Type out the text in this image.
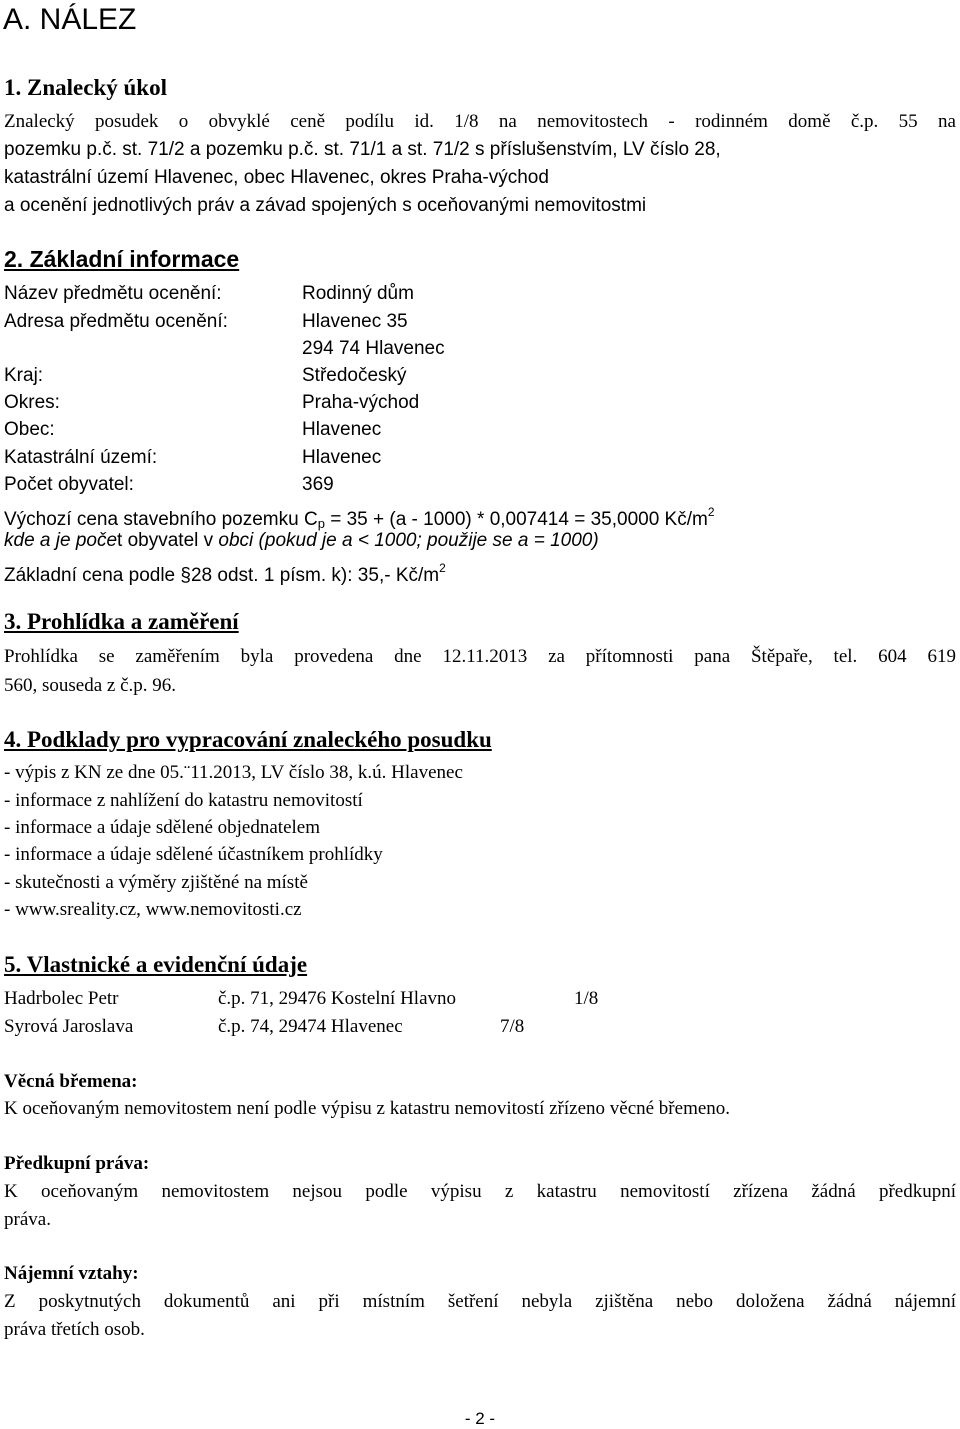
A. NÁLEZ
1. Znalecký úkol
Znalecký posudek o obvyklé ceně podílu id. 1/8 na nemovitostech - rodinném domě č.p. 55 na
pozemku p.č. st. 71/2 a pozemku p.č. st. 71/1 a st. 71/2 s příslušenstvím, LV číslo 28,
katastrální území Hlavenec, obec Hlavenec, okres Praha-východ
a ocenění jednotlivých práv a závad spojených s oceňovanými nemovitostmi
2. Základní informace
Název předmětu ocenění:	Rodinný dům
Adresa předmětu ocenění:	Hlavenec 35
294 74 Hlavenec
Kraj:	Středočeský
Okres:	Praha-východ
Obec:	Hlavenec
Katastrální území:	Hlavenec
Počet obyvatel:	369
Výchozí cena stavebního pozemku $C_p = 35 + (a - 1000) * 0,007414 = 35,0000$ $Kč/m^2$
kde a je počet obyvatel v obci (pokud je a < 1000; použije se a = 1000)
Základní cena podle §28 odst. 1 písm. k): 35,- $Kč/m^2$
3. Prohlídka a zaměření
Prohlídka se zaměřením byla provedena dne 12.11.2013 za přítomnosti pana Štěpaře, tel. 604 619
560, souseda z č.p. 96.
4. Podklady pro vypracování znaleckého posudku
- výpis z KN ze dne 05.¨11.2013, LV číslo 38, k.ú. Hlavenec
- informace z nahlížení do katastru nemovitostí
- informace a údaje sdělené objednatelem
- informace a údaje sdělené účastníkem prohlídky
- skutečnosti a výměry zjištěné na místě
- www.sreality.cz, www.nemovitosti.cz
5. Vlastnické a evidenční údaje
Hadrbolec Petr	č.p. 71, 29476 Kostelní Hlavno	1/8
Syrová Jaroslava	č.p. 74, 29474 Hlavenec	7/8
Věcná břemena:
K oceňovaným nemovitostem není podle výpisu z katastru nemovitostí zřízeno věcné břemeno.
Předkupní práva:
K oceňovaným nemovitostem nejsou podle výpisu z katastru nemovitostí zřízena žádná předkupní
práva.
Nájemní vztahy:
Z poskytnutých dokumentů ani při místním šetření nebyla zjištěna nebo doložena žádná nájemní
práva třetích osob.
- 2 -
